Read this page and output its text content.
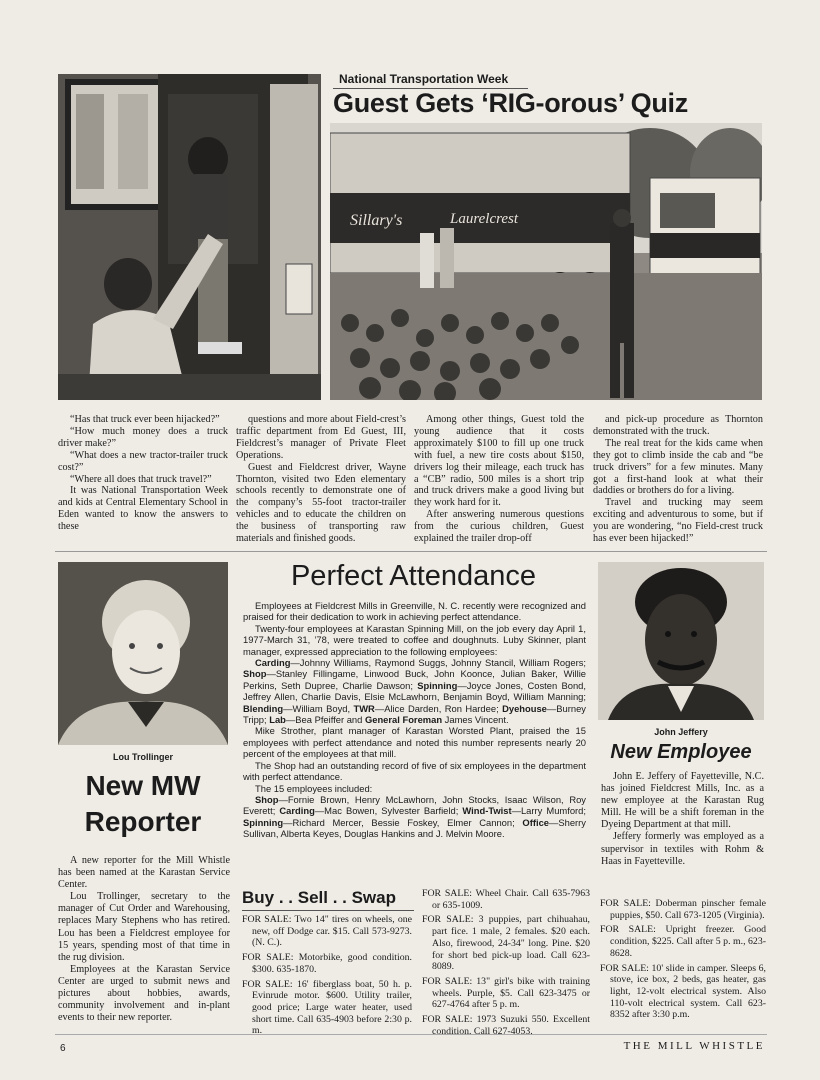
Sillary's	Laurelcrest
National Transportation Week
Guest Gets ‘RIG-orous’ Quiz

“Has that truck ever been hijacked?”

“How much money does a truck driver make?”

“What does a new tractor-trailer truck cost?”

“Where all does that truck travel?”

It was National Transportation Week and kids at Central Elementary School in Eden wanted to know the answers to these

questions and more about Field-crest’s traffic department from Ed Guest, III, Fieldcrest’s manager of Private Fleet Operations.

Guest and Fieldcrest driver, Wayne Thornton, visited two Eden elementary schools recently to demonstrate one of the company’s 55-foot tractor-trailer vehicles and to educate the children on the business of transporting raw materials and finished goods.

Among other things, Guest told the young audience that it costs approximately $100 to fill up one truck with fuel, a new tire costs about $150, drivers log their mileage, each truck has a “CB” radio, 500 miles is a short trip and truck drivers make a good living but they work hard for it.

After answering numerous questions from the curious children, Guest explained the trailer drop-off

and pick-up procedure as Thornton demonstrated with the truck.

The real treat for the kids came when they got to climb inside the cab and “be truck drivers” for a few minutes. Many got a first-hand look at what their daddies or brothers do for a living.

Travel and trucking may seem exciting and adventurous to some, but if you are wondering, “no Field-crest truck has ever been hijacked!”

Lou Trollinger
New MW
Reporter

A new reporter for the Mill Whistle has been named at the Karastan Service Center.

Lou Trollinger, secretary to the manager of Cut Order and Warehousing, replaces Mary Stephens who has retired. Lou has been a Fieldcrest employee for 15 years, spending most of that time in the rug division.

Employees at the Karastan Service Center are urged to submit news and pictures about hobbies, awards, community involvement and in-plant events to their new reporter.

Perfect Attendance

Employees at Fieldcrest Mills in Greenville, N. C. recently were recognized and praised for their dedication to work in achieving perfect attendance.

Twenty-four employees at Karastan Spinning Mill, on the job every day April 1, 1977-March 31, ’78, were treated to coffee and doughnuts. Luby Skinner, plant manager, expressed appreciation to the following employees:

Carding—Johnny Williams, Raymond Suggs, Johnny Stancil, William Rogers; Shop—Stanley Fillingame, Linwood Buck, John Koonce, Julian Baker, Willie Perkins, Seth Dupree, Charlie Dawson; Spinning—Joyce Jones, Costen Bond, Jeffrey Allen, Charlie Davis, Elsie McLawhorn, Benjamin Boyd, William Manning; Blending—William Boyd, TWR—Alice Darden, Ron Hardee; Dyehouse—Burney Tripp; Lab—Bea Pfeiffer and General Foreman James Vincent.

Mike Strother, plant manager of Karastan Worsted Plant, praised the 15 employees with perfect attendance and noted this number represents nearly 20 percent of the employees at that mill.

The Shop had an outstanding record of five of six employees in the department with perfect attendance.

The 15 employees included:

Shop—Fornie Brown, Henry McLawhorn, John Stocks, Isaac Wilson, Roy Everett; Carding—Mac Bowen, Sylvester Barfield; Wind-Twist—Larry Mumford; Spinning—Richard Mercer, Bessie Foskey, Elmer Cannon; Office—Sherry Sullivan, Alberta Keyes, Douglas Hankins and J. Melvin Moore.

John Jeffery
New Employee

John E. Jeffery of Fayetteville, N.C. has joined Fieldcrest Mills, Inc. as a new employee at the Karastan Rug Mill. He will be a shift foreman in the Dyeing Department at that mill.

Jeffery formerly was employed as a supervisor in textiles with Rohm & Haas in Fayetteville.

Buy . . Sell . . Swap

FOR SALE: Two 14" tires on wheels, one new, off Dodge car. $15. Call 573-9273. (N. C.).

FOR SALE: Motorbike, good condition. $300. 635-1870.

FOR SALE: 16' fiberglass boat, 50 h. p. Evinrude motor. $600. Utility trailer, good price; Large water heater, used short time. Call 635-4903 before 2:30 p. m.

FOR SALE: Wheel Chair. Call 635-7963 or 635-1009.

FOR SALE: 3 puppies, part chihuahau, part fice. 1 male, 2 females. $20 each. Also, firewood, 24-34" long. Pine. $20 for short bed pick-up load. Call 623-8089.

FOR SALE: 13" girl's bike with training wheels. Purple, $5. Call 623-3475 or 627-4764 after 5 p. m.

FOR SALE: 1973 Suzuki 550. Excellent condition. Call 627-4053.

FOR SALE: Doberman pinscher female puppies, $50. Call 673-1205 (Virginia).

FOR SALE: Upright freezer. Good condition, $225. Call after 5 p. m., 623-8628.

FOR SALE: 10' slide in camper. Sleeps 6, stove, ice box, 2 beds, gas heater, gas light, 12-volt electrical system. Also 110-volt electrical system. Call 623-8352 after 3:30 p.m.

6	THE MILL WHISTLE
